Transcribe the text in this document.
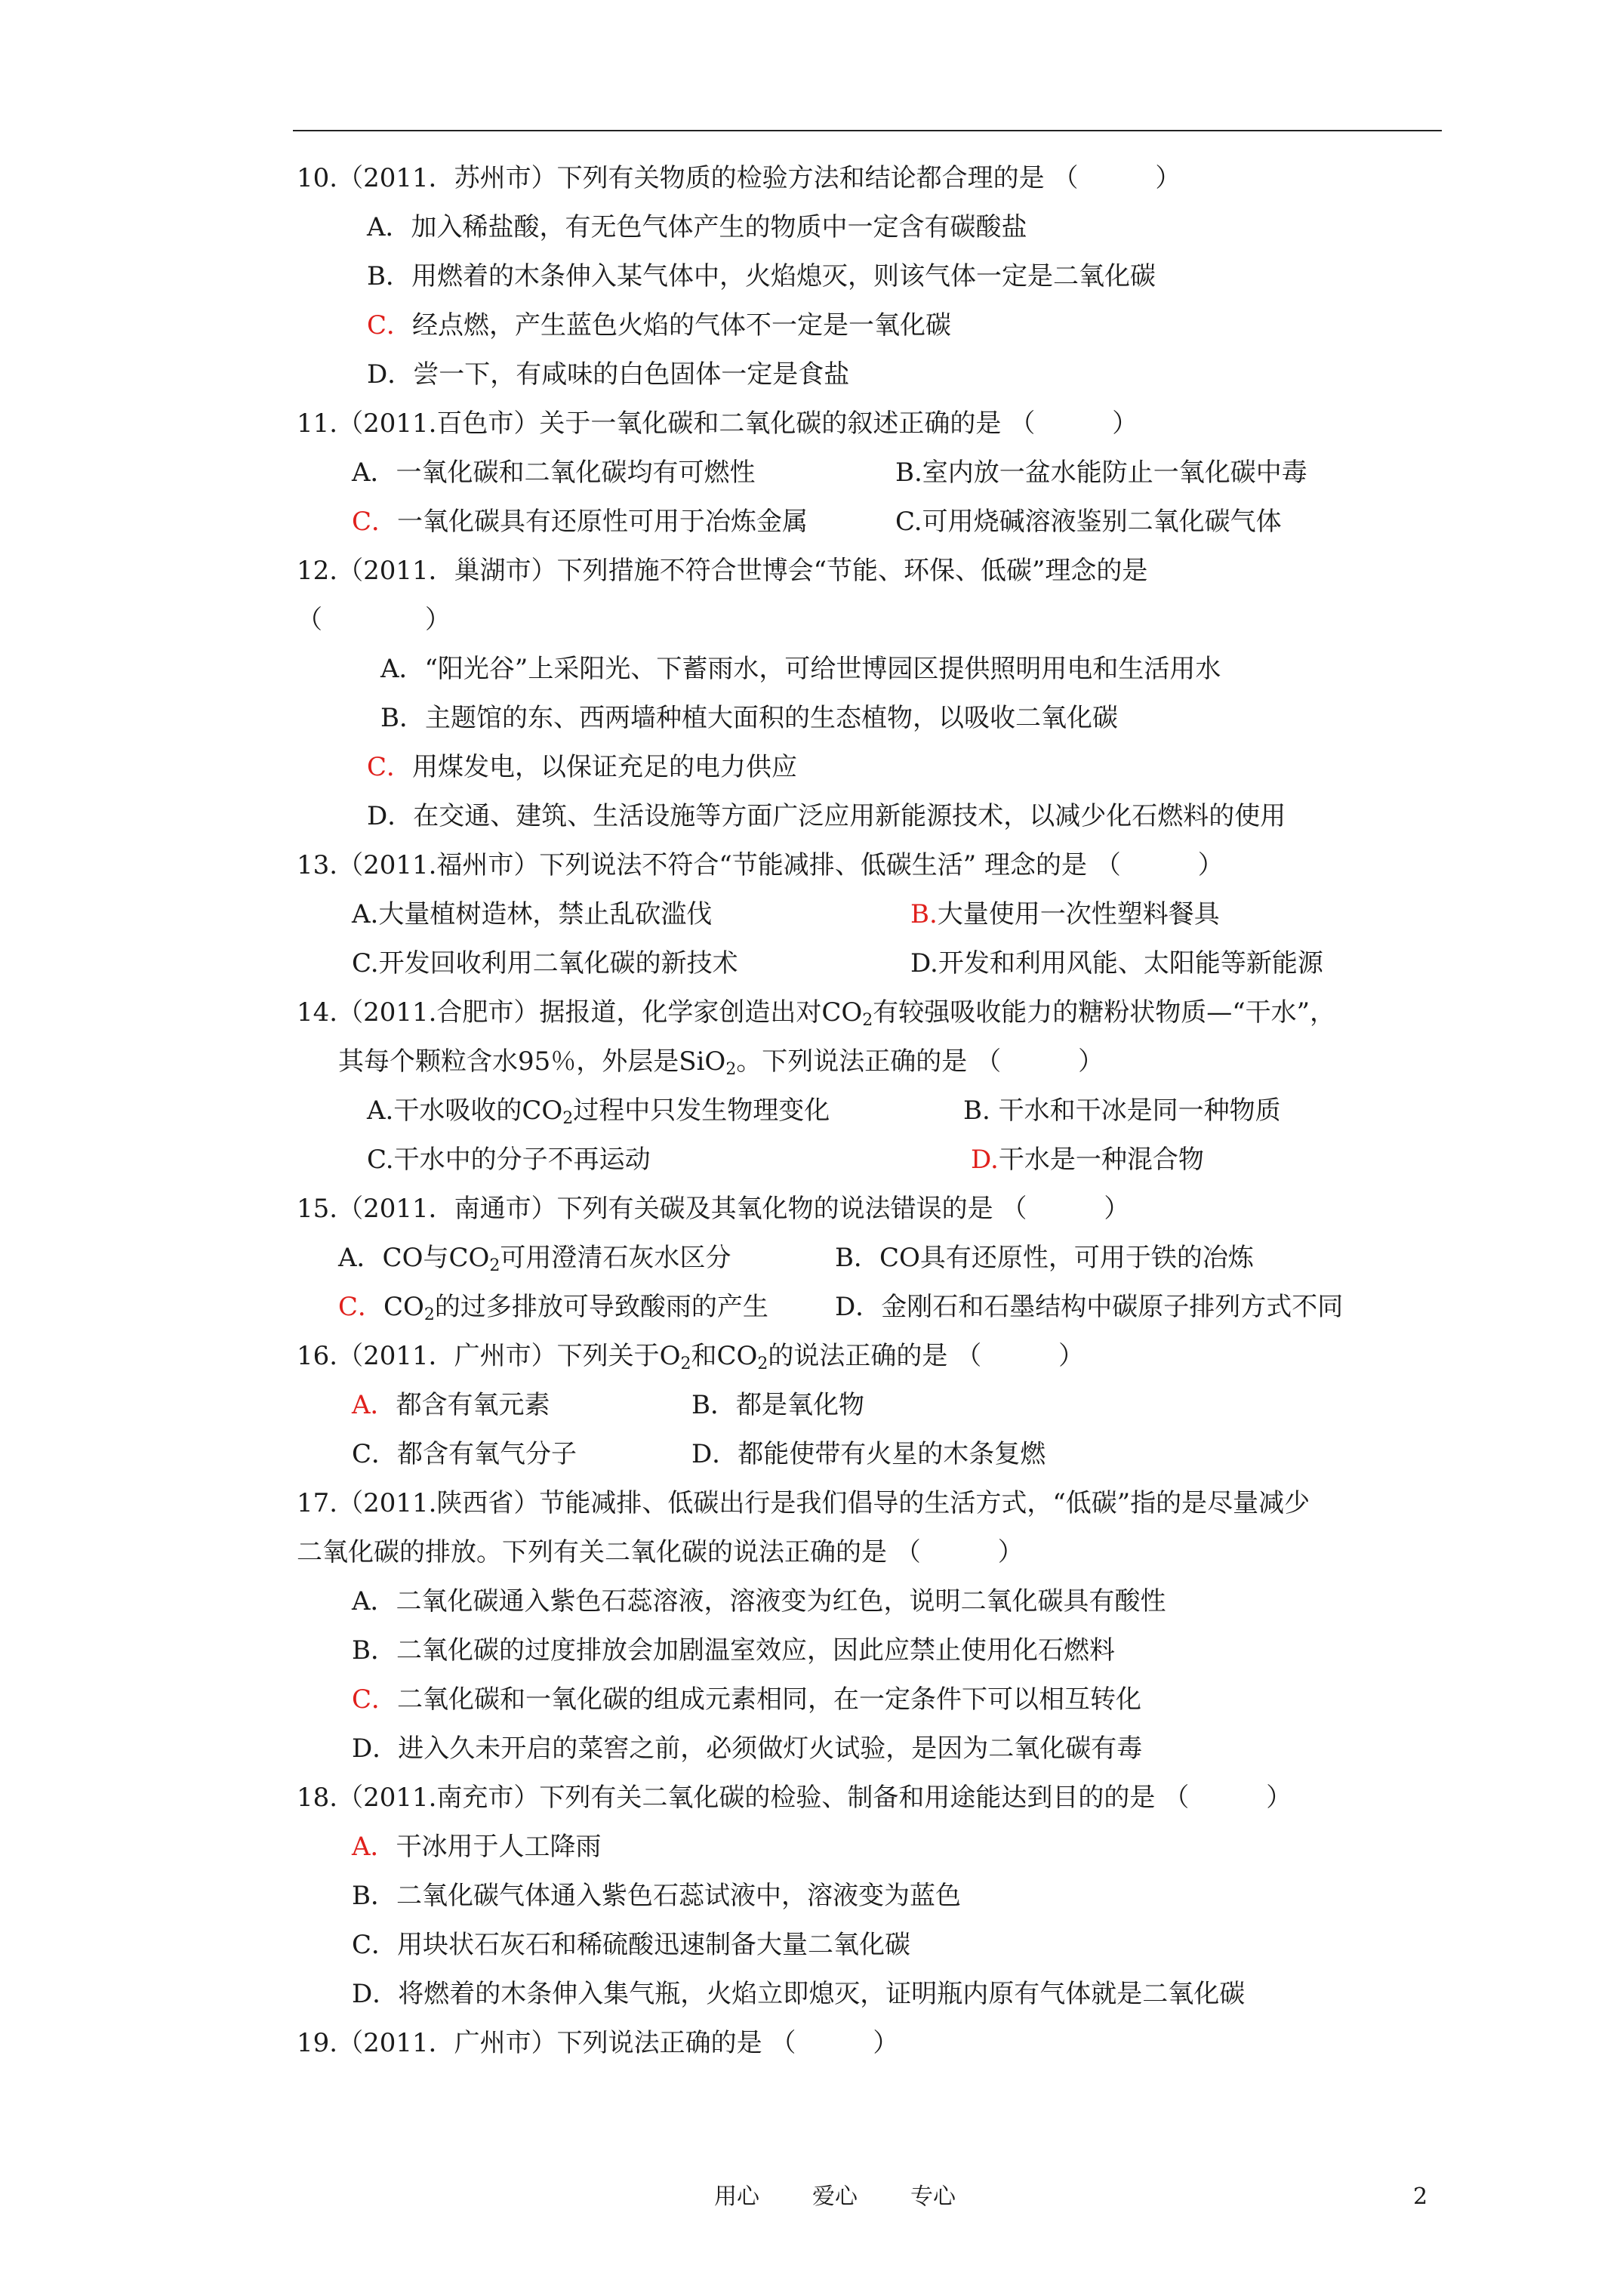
10.（2011．苏州市）下列有关物质的检验方法和结论都合理的是 （　　　）
A．加入稀盐酸，有无色气体产生的物质中一定含有碳酸盐
B．用燃着的木条伸入某气体中，火焰熄灭，则该气体一定是二氧化碳
C．经点燃，产生蓝色火焰的气体不一定是一氧化碳
D．尝一下，有咸味的白色固体一定是食盐
11.（2011.百色市）关于一氧化碳和二氧化碳的叙述正确的是 （　　　）
A．一氧化碳和二氧化碳均有可燃性	B.室内放一盆水能防止一氧化碳中毒
C．一氧化碳具有还原性可用于冶炼金属	C.可用烧碱溶液鉴别二氧化碳气体
12.（2011．巢湖市）下列措施不符合世博会“节能、环保、低碳”理念的是
（　　　　）
A．“阳光谷”上采阳光、下蓄雨水，可给世博园区提供照明用电和生活用水
B．主题馆的东、西两墙种植大面积的生态植物，以吸收二氧化碳
C．用煤发电，以保证充足的电力供应
D．在交通、建筑、生活设施等方面广泛应用新能源技术，以减少化石燃料的使用
13.（2011.福州市）下列说法不符合“节能减排、低碳生活” 理念的是 （　　　）
A.大量植树造林，禁止乱砍滥伐	B.大量使用一次性塑料餐具
C.开发回收利用二氧化碳的新技术	D.开发和利用风能、太阳能等新能源
14.（2011.合肥市）据报道，化学家创造出对$CO_2$有较强吸收能力的糖粉状物质—“干水”，
其每个颗粒含水95％，外层是SiO$_2$。下列说法正确的是 （　　　）
A.干水吸收的$CO_2$过程中只发生物理变化	B. 干水和干冰是同一种物质
C.干水中的分子不再运动	D.干水是一种混合物
15.（2011．南通市）下列有关碳及其氧化物的说法错误的是 （　　　）
A．CO与$CO_2$可用澄清石灰水区分	B．CO具有还原性，可用于铁的冶炼
C．$CO_2$的过多排放可导致酸雨的产生	D．金刚石和石墨结构中碳原子排列方式不同
16.（2011．广州市）下列关于$O_2$和$CO_2$的说法正确的是 （　　　）
A．都含有氧元素	B．都是氧化物
C．都含有氧气分子	D．都能使带有火星的木条复燃
17.（2011.陕西省）节能减排、低碳出行是我们倡导的生活方式，“低碳”指的是尽量减少
二氧化碳的排放。下列有关二氧化碳的说法正确的是 （　　　）
A．二氧化碳通入紫色石蕊溶液，溶液变为红色，说明二氧化碳具有酸性
B．二氧化碳的过度排放会加剧温室效应，因此应禁止使用化石燃料
C．二氧化碳和一氧化碳的组成元素相同，在一定条件下可以相互转化
D．进入久未开启的菜窖之前，必须做灯火试验，是因为二氧化碳有毒
18.（2011.南充市）下列有关二氧化碳的检验、制备和用途能达到目的的是 （　　　）
A．干冰用于人工降雨
B．二氧化碳气体通入紫色石蕊试液中，溶液变为蓝色
C．用块状石灰石和稀硫酸迅速制备大量二氧化碳
D．将燃着的木条伸入集气瓶，火焰立即熄灭，证明瓶内原有气体就是二氧化碳
19.（2011．广州市）下列说法正确的是 （　　　）
用心 爱心 专心	2
